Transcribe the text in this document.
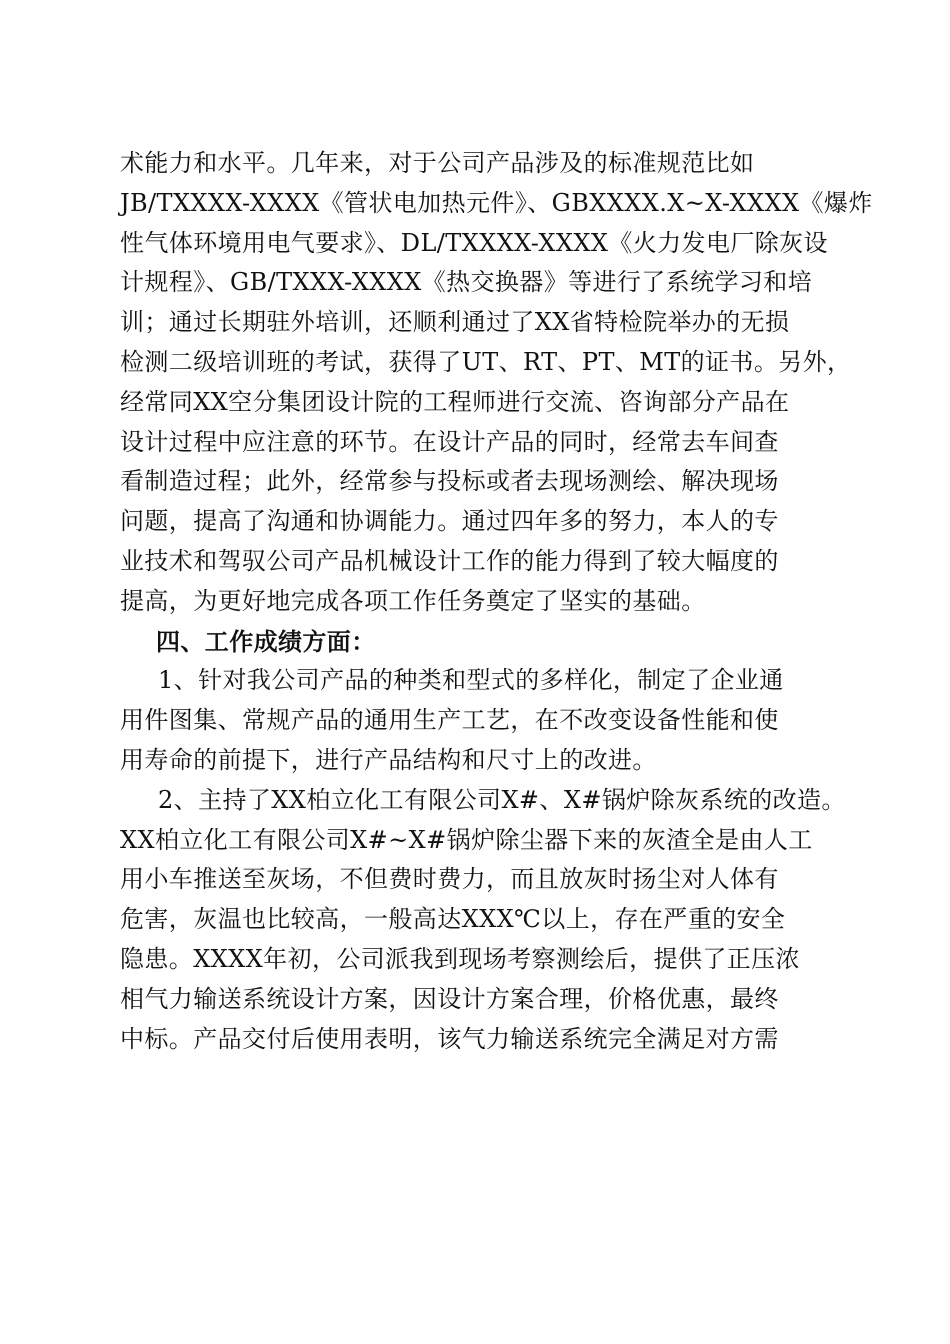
术能力和水平。几年来，对于公司产品涉及的标准规范比如
JB/TXXXX-XXXX《管状电加热元件》、GBXXXX.X~X-XXXX《爆炸
性气体环境用电气要求》、DL/TXXXX-XXXX《火力发电厂除灰设
计规程》、GB/TXXX-XXXX《热交换器》等进行了系统学习和培
训；通过长期驻外培训，还顺利通过了XX省特检院举办的无损
检测二级培训班的考试，获得了UT、RT、PT、MT的证书。另外，
经常同XX空分集团设计院的工程师进行交流、咨询部分产品在
设计过程中应注意的环节。在设计产品的同时，经常去车间查
看制造过程；此外，经常参与投标或者去现场测绘、解决现场
问题，提高了沟通和协调能力。通过四年多的努力，本人的专
业技术和驾驭公司产品机械设计工作的能力得到了较大幅度的
提高，为更好地完成各项工作任务奠定了坚实的基础。
四、工作成绩方面：
1、针对我公司产品的种类和型式的多样化，制定了企业通
用件图集、常规产品的通用生产工艺，在不改变设备性能和使
用寿命的前提下，进行产品结构和尺寸上的改进。
2、主持了XX柏立化工有限公司X#、X#锅炉除灰系统的改造。
XX柏立化工有限公司X#~X#锅炉除尘器下来的灰渣全是由人工
用小车推送至灰场，不但费时费力，而且放灰时扬尘对人体有
危害，灰温也比较高，一般高达XXX℃以上，存在严重的安全
隐患。XXXX年初，公司派我到现场考察测绘后，提供了正压浓
相气力输送系统设计方案，因设计方案合理，价格优惠，最终
中标。产品交付后使用表明，该气力输送系统完全满足对方需
